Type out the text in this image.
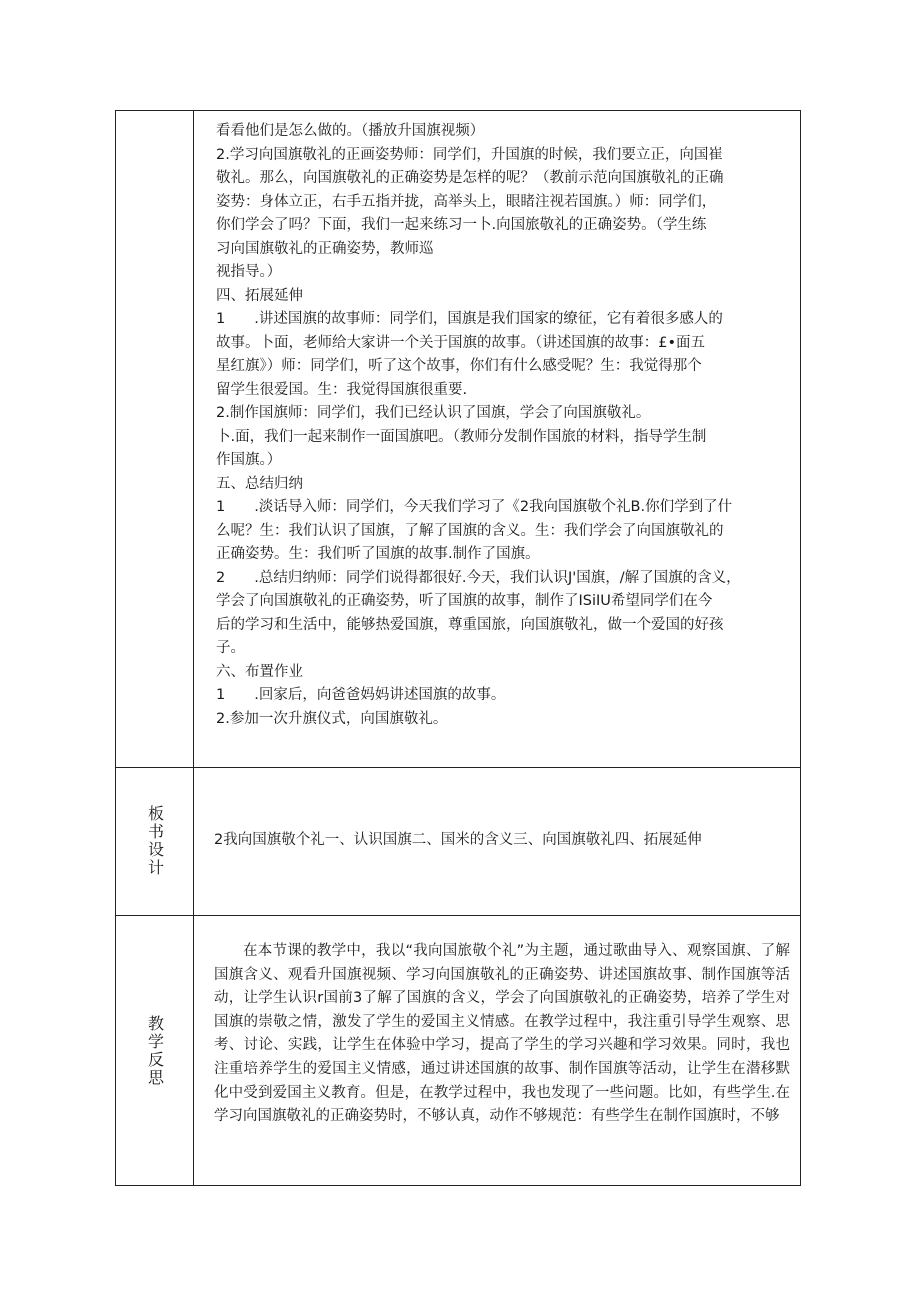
看看他们是怎么做的。（播放升国旗视频）

2.学习向国旗敬礼的正画姿势师：同学们，升国旗的时候，我们要立正，向国崔

敬礼。那么，向国旗敬礼的正确姿势是怎样的呢？（教前示范向国旗敬礼的正确

姿势：身体立正，右手五指并拢，高举头上，眼睹注视若国旗。）师：同学们，

你们学会了吗？下面，我们一起来练习一卜.向国旅敬礼的正确姿势。（学生练

习向国旗敬礼的正确姿势，教师巡

视指导。）

四、拓展延伸

1　　.讲述国旗的故事师：同学们，国旗是我们国家的缭征，它有着很多感人的

故事。卜面，老师给大家讲一个关于国旗的故事。（讲述国旗的故事：£•面五

星红旗》）师：同学们，听了这个故事，你们有什么感受呢？生：我觉得那个

留学生很爱国。生：我觉得国旗很重要.

2.制作国旗师：同学们，我们已经认识了国旗，学会了向国旗敬礼。

卜.面，我们一起来制作一面国旗吧。（教师分发制作国旅的材料，指导学生制

作国旗。）

五、总结归纳

1　　.淡话导入师：同学们，今天我们学习了《2我向国旗敬个礼B.你们学到了什

么呢？生：我们认识了国旗，了解了国旗的含义。生：我们学会了向国旗敬礼的

正确姿势。生：我们听了国旗的故事.制作了国旗。

2　　.总结归纳师：同学们说得都很好.今天，我们认识J'国旗，/解了国旗的含义，

学会了向国旗敬礼的正确姿势，听了国旗的故事，制作了ISiIU希望同学们在今

后的学习和生活中，能够热爱国旗，尊重国旅，向国旗敬礼，做一个爱国的好孩

子。

六、布置作业

1　　.回家后，向爸爸妈妈讲述国旗的故事。

2.参加一次升旗仪式，向国旗敬礼。

板书设计	2我向国旗敬个礼一、认识国旗二、国米的含义三、向国旗敬礼四、拓展延伸
教学反思
在本节课的教学中，我以“我向国旅敬个礼”为主题，通过歌曲导入、观察国旗、了解国旗含义、观看升国旗视频、学习向国旗敬礼的正确姿势、讲述国旗故事、制作国旗等活动，让学生认识r国前3了解了国旗的含义，学会了向国旗敬礼的正确姿势，培养了学生对国旗的崇敬之情，激发了学生的爱国主义情感。在教学过程中，我注重引导学生观察、思考、讨论、实践，让学生在体验中学习，提高了学生的学习兴趣和学习效果。同时，我也注重培养学生的爱国主义情感，通过讲述国旗的故事、制作国旗等活动，让学生在潜移默化中受到爱国主义教育。但是，在教学过程中，我也发现了一些问题。比如，有些学生.在学习向国旗敬礼的正确姿势时，不够认真，动作不够规范：有些学生在制作国旗时，不够
